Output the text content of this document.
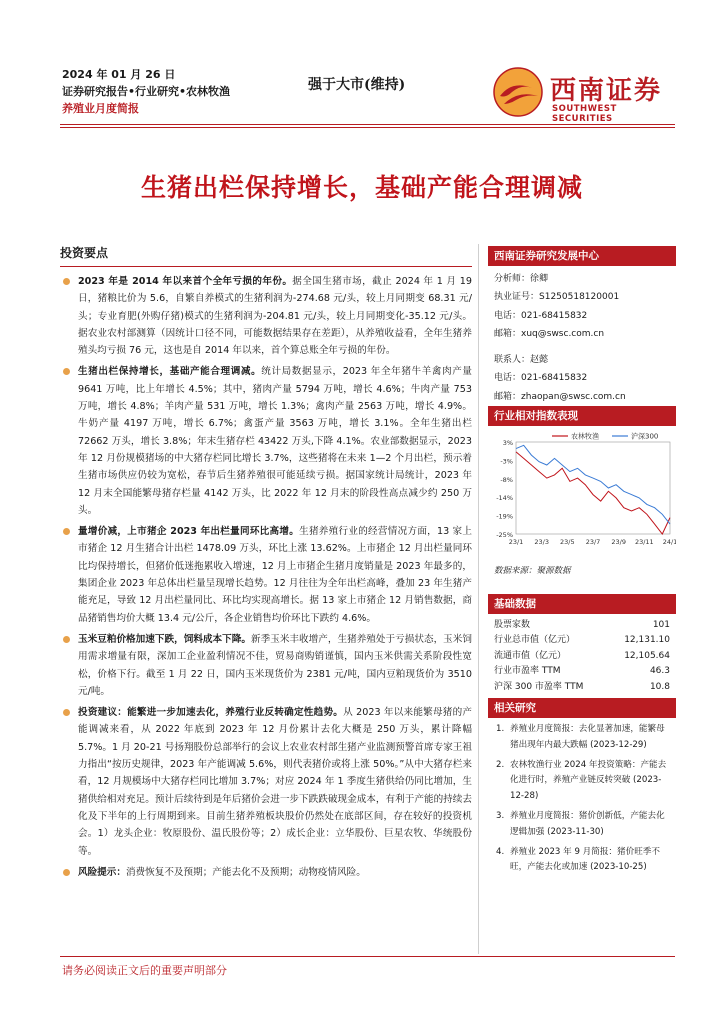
2024 年 01 月 26 日
证券研究报告•行业研究•农林牧渔
养殖业月度简报
强于大市(维持)	西南证券
SOUTHWEST SECURITIES
生猪出栏保持增长，基础产能合理调减
投资要点
2023 年是 2014 年以来首个全年亏损的年份。据全国生猪市场，截止 2024 年 1 月 19 日，猪粮比价为 5.6，自繁自养模式的生猪利润为-274.68 元/头，较上月同期变 68.31 元/头；专业育肥(外购仔猪)模式的生猪利润为-204.81 元/头，较上月同期变化-35.12 元/头。据农业农村部测算（因统计口径不同，可能数据结果存在差距），从养殖收益看，全年生猪养殖头均亏损 76 元，这也是自 2014 年以来，首个算总账全年亏损的年份。
生猪出栏保持增长，基础产能合理调减。统计局数据显示，2023 年全年猪牛羊禽肉产量 9641 万吨，比上年增长 4.5%；其中，猪肉产量 5794 万吨，增长 4.6%；牛肉产量 753 万吨，增长 4.8%；羊肉产量 531 万吨，增长 1.3%；禽肉产量 2563 万吨，增长 4.9%。牛奶产量 4197 万吨，增长 6.7%；禽蛋产量 3563 万吨，增长 3.1%。全年生猪出栏 72662 万头，增长 3.8%；年末生猪存栏 43422 万头,下降 4.1%。农业部数据显示，2023 年 12 月份规模猪场的中大猪存栏同比增长 3.7%，这些猪将在未来 1—2 个月出栏，预示着生猪市场供应仍较为宽松，春节后生猪养殖很可能延续亏损。据国家统计局统计，2023 年 12 月末全国能繁母猪存栏量 4142 万头，比 2022 年 12 月末的阶段性高点减少约 250 万头。
量增价减，上市猪企 2023 年出栏量同环比高增。生猪养殖行业的经营情况方面，13 家上市猪企 12 月生猪合计出栏 1478.09 万头，环比上涨 13.62%。上市猪企 12 月出栏量同环比均保持增长，但猪价低迷拖累收入增速，12 月上市猪企生猪月度销量是 2023 年最多的，集团企业 2023 年总体出栏量呈现增长趋势。12 月往往为全年出栏高峰，叠加 23 年生猪产能充足，导致 12 月出栏量同比、环比均实现高增长。据 13 家上市猪企 12 月销售数据，商品猪销售均价大概 13.4 元/公斤，各企业销售均价环比下跌约 4.6%。
玉米豆粕价格加速下跌，饲料成本下降。新季玉米丰收增产，生猪养殖处于亏损状态，玉米饲用需求增量有限，深加工企业盈利情况不佳，贸易商购销谨慎，国内玉米供需关系阶段性宽松，价格下行。截至 1 月 22 日，国内玉米现货价为 2381 元/吨，国内豆粕现货价为 3510 元/吨。
投资建议：能繁进一步加速去化，养殖行业反转确定性趋势。从 2023 年以来能繁母猪的产能调减来看，从 2022 年底到 2023 年 12 月份累计去化大概是 250 万头，累计降幅 5.7%。1 月 20-21 号扬翔股份总部举行的会议上农业农村部生猪产业监测预警首席专家王祖力指出“按历史规律，2023 年产能调减 5.6%，则代表猪价或将上涨 50%。”从中大猪存栏来看，12 月规模场中大猪存栏同比增加 3.7%；对应 2024 年 1 季度生猪供给仍同比增加，生猪供给相对充足。预计后续待到是年后猪价会进一步下跌跌破现金成本，有利于产能的持续去化及下半年的上行周期到来。目前生猪养殖板块股价仍然处在底部区间，存在较好的投资机会。1）龙头企业：牧原股份、温氏股份等；2）成长企业：立华股份、巨星农牧、华统股份等。
风险提示：消费恢复不及预期；产能去化不及预期；动物疫情风险。
西南证券研究发展中心
分析师：徐卿
执业证号：S1250518120001
电话：021-68415832
邮箱：xuq@swsc.com.cn
联系人：赵懿
电话：021-68415832
邮箱：zhaopan@swsc.com.cn
行业相对指数表现
3%
-3%
-8%
-14%
-19%
-25%
23/1 23/3 23/5 23/7 23/9 23/11 24/1
农林牧渔	沪深300
数据来源：聚源数据
基础数据
股票家数	101
行业总市值（亿元）	12,131.10
流通市值（亿元）	12,105.64
行业市盈率 TTM	46.3
沪深 300 市盈率 TTM	10.8
相关研究
1. 养殖业月度简报：去化显著加速，能繁母猪出现年内最大跌幅 (2023-12-29)
2. 农林牧渔行业 2024 年投资策略：产能去化进行时，养殖产业链反转突破 (2023-12-28)
3. 养殖业月度简报：猪价创新低，产能去化逻辑加强 (2023-11-30)
4. 养殖业 2023 年 9 月简报：猪价旺季不旺，产能去化或加速 (2023-10-25)
请务必阅读正文后的重要声明部分
